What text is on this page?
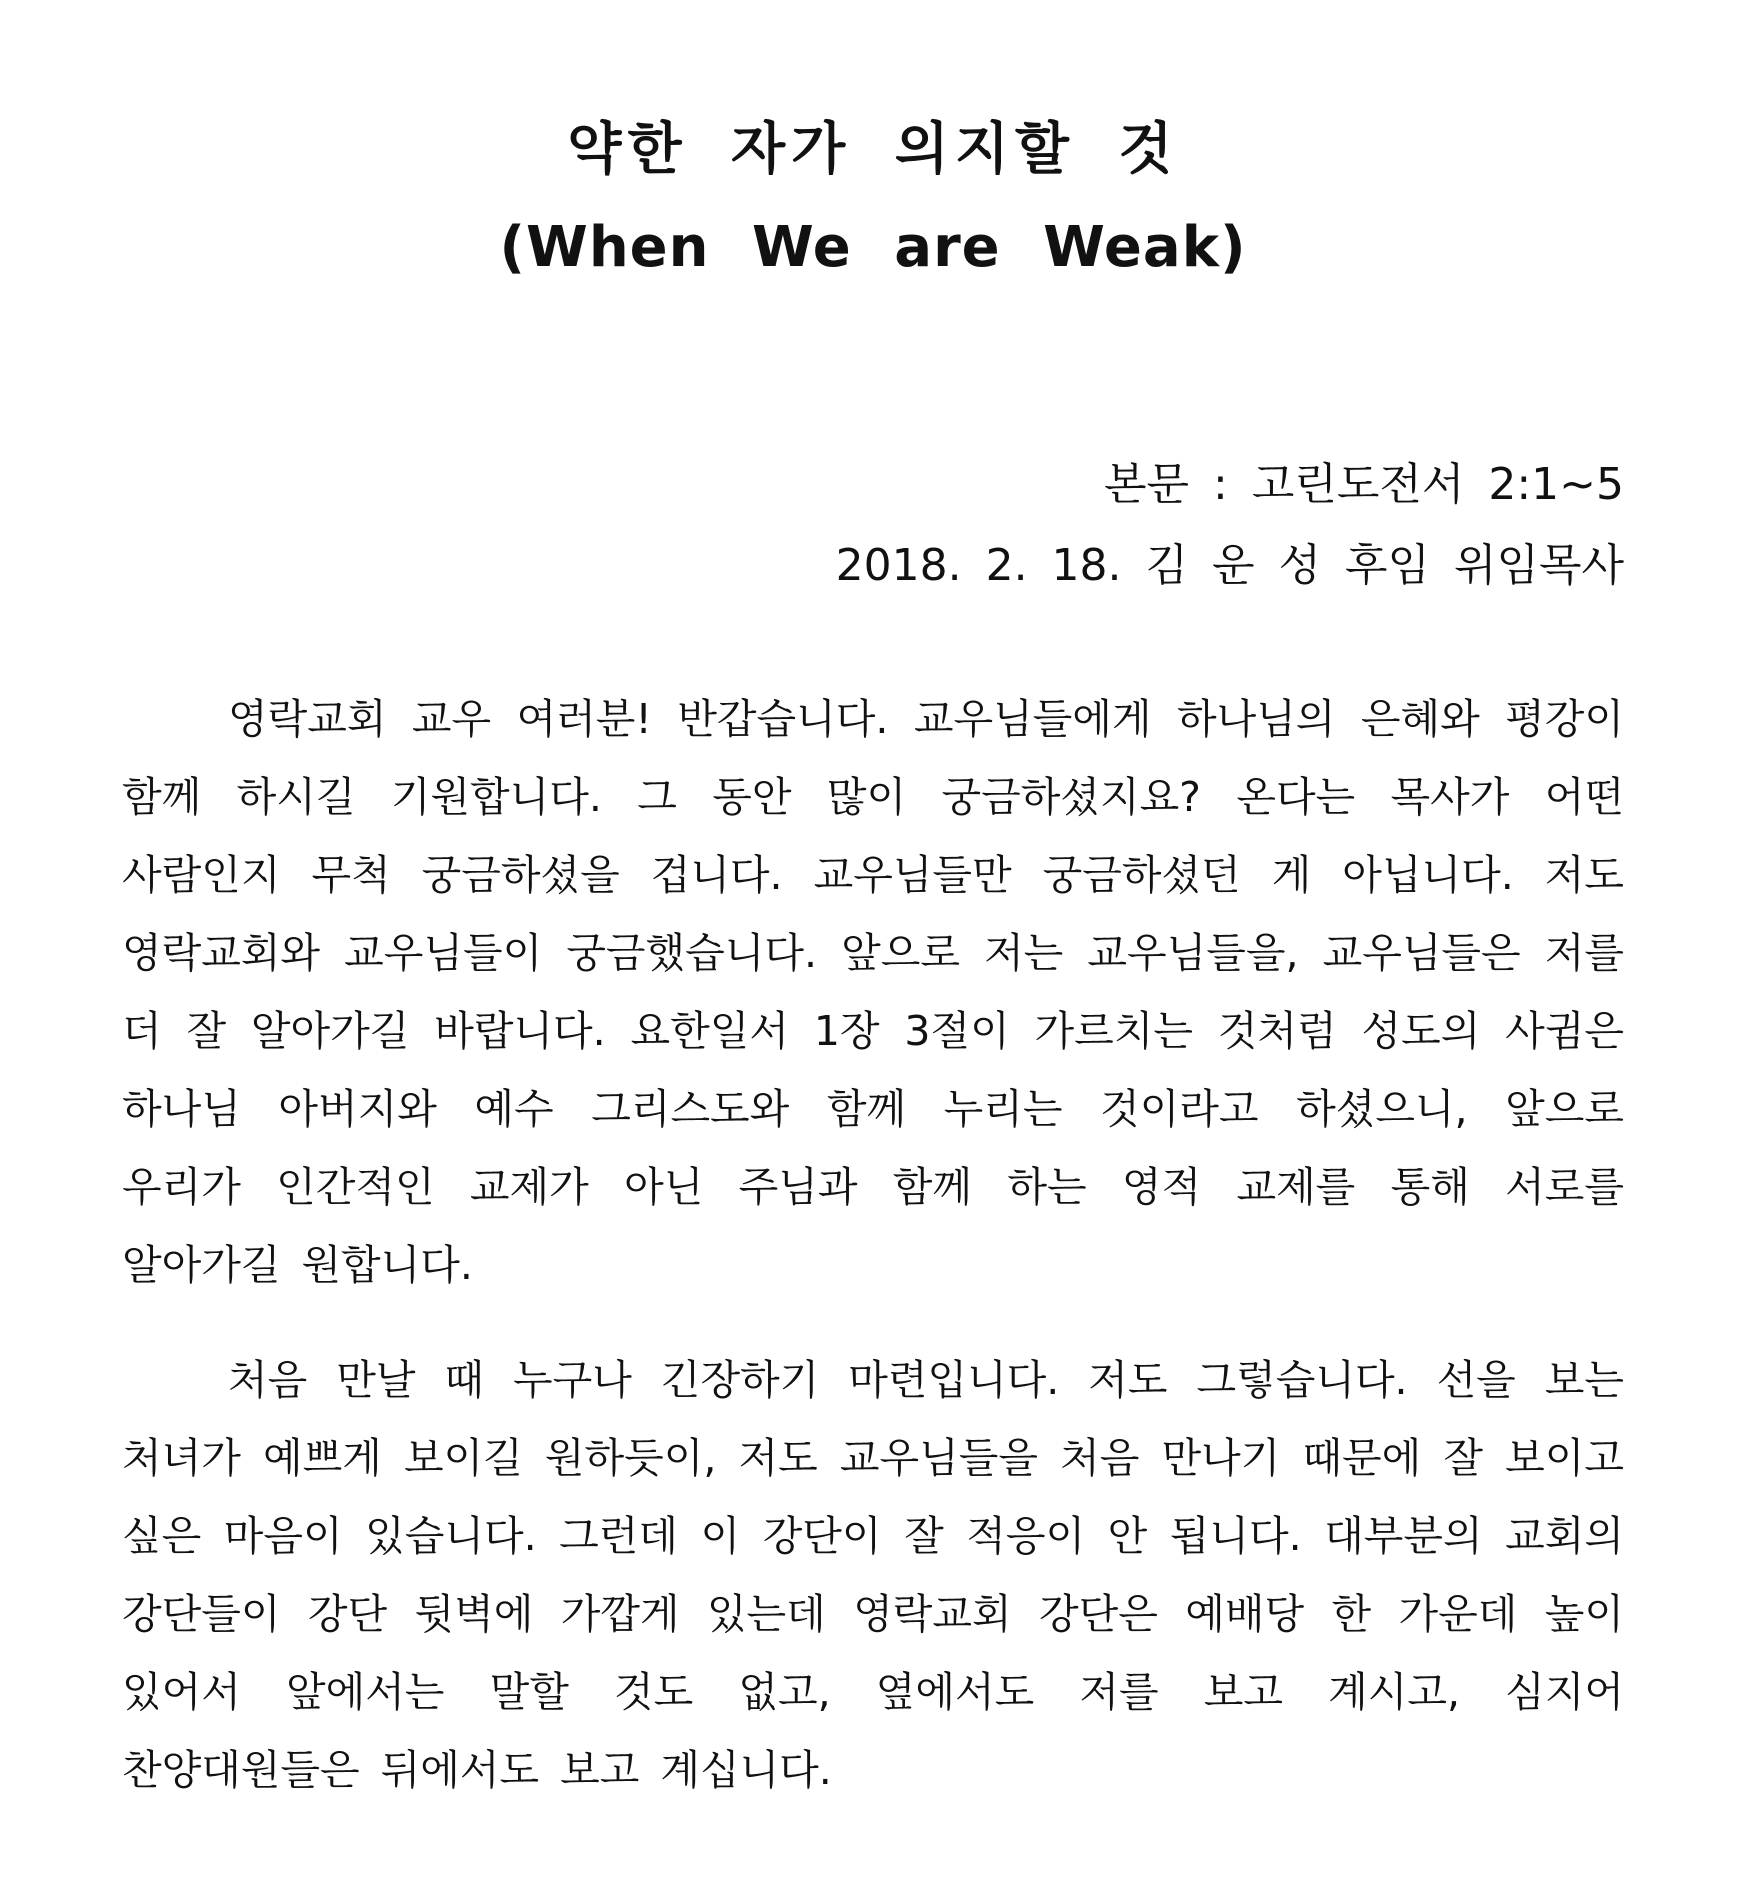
약한 자가 의지할 것
(When We are Weak)
본문 : 고린도전서 2:1~5
2018. 2. 18. 김 운 성 후임 위임목사

영락교회 교우 여러분! 반갑습니다. 교우님들에게 하나님의 은혜와 평강이 함께 하시길 기원합니다. 그 동안 많이 궁금하셨지요? 온다는 목사가 어떤 사람인지 무척 궁금하셨을 겁니다. 교우님들만 궁금하셨던 게 아닙니다. 저도 영락교회와 교우님들이 궁금했습니다. 앞으로 저는 교우님들을, 교우님들은 저를 더 잘 알아가길 바랍니다. 요한일서 1장 3절이 가르치는 것처럼 성도의 사귐은 하나님 아버지와 예수 그리스도와 함께 누리는 것이라고 하셨으니, 앞으로 우리가 인간적인 교제가 아닌 주님과 함께 하는 영적 교제를 통해 서로를 알아가길 원합니다.

처음 만날 때 누구나 긴장하기 마련입니다. 저도 그렇습니다. 선을 보는 처녀가 예쁘게 보이길 원하듯이, 저도 교우님들을 처음 만나기 때문에 잘 보이고 싶은 마음이 있습니다. 그런데 이 강단이 잘 적응이 안 됩니다. 대부분의 교회의 강단들이 강단 뒷벽에 가깝게 있는데 영락교회 강단은 예배당 한 가운데 높이 있어서 앞에서는 말할 것도 없고, 옆에서도 저를 보고 계시고, 심지어 찬양대원들은 뒤에서도 보고 계십니다.
